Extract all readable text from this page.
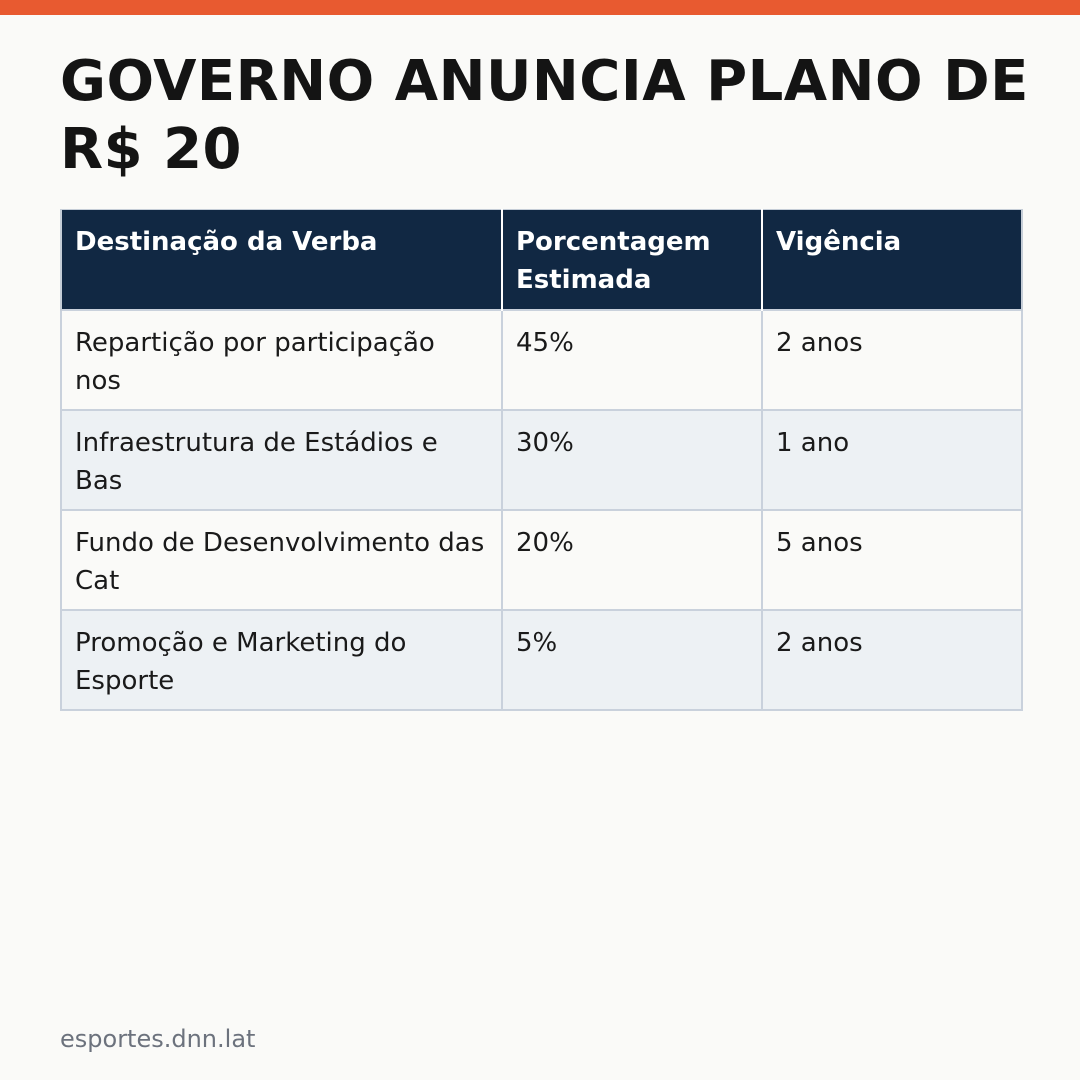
GOVERNO ANUNCIA PLANO DE R$ 20
Destinação da Verba	Porcentagem Estimada	Vigência
Repartição por participação nos	45%	2 anos
Infraestrutura de Estádios e Bas	30%	1 ano
Fundo de Desenvolvimento das Cat	20%	5 anos
Promoção e Marketing do Esporte	5%	2 anos
esportes.dnn.lat
